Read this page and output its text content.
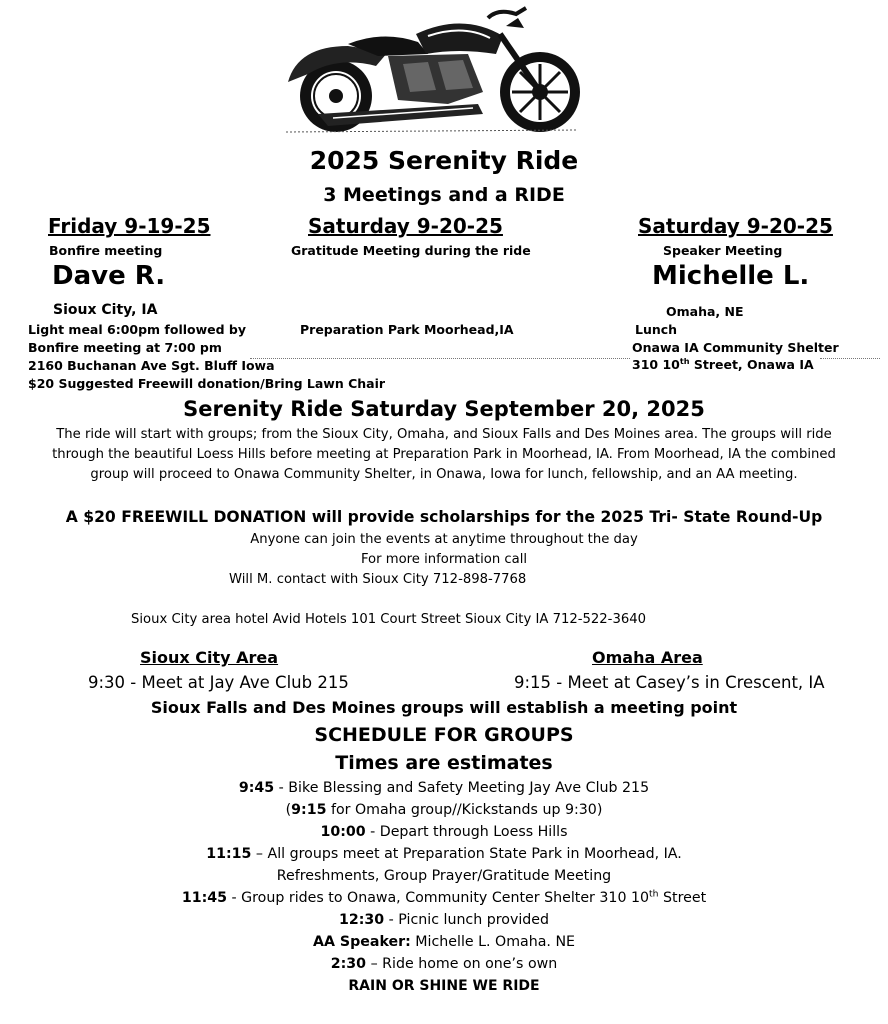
2025 Serenity Ride
3 Meetings and a RIDE
Friday 9-19-25
Bonfire meeting
Dave R.
Sioux City, IA
Light meal 6:00pm followed by
Bonfire meeting at 7:00 pm
2160 Buchanan Ave Sgt. Bluff Iowa
$20 Suggested Freewill donation/Bring Lawn Chair
Saturday 9-20-25
Gratitude Meeting during the ride
Preparation Park Moorhead,IA
Saturday 9-20-25
Speaker Meeting
Michelle L.
Omaha, NE
Lunch
Onawa IA Community Shelter
310 10th Street, Onawa IA
Serenity Ride Saturday September 20, 2025
The ride will start with groups; from the Sioux City, Omaha, and Sioux Falls and Des Moines area. The groups will ride
through the beautiful Loess Hills before meeting at Preparation Park in Moorhead, IA. From Moorhead, IA the combined
group will proceed to Onawa Community Shelter, in Onawa, Iowa for lunch, fellowship, and an AA meeting.
A $20 FREEWILL DONATION will provide scholarships for the 2025 Tri- State Round-Up
Anyone can join the events at anytime throughout the day
For more information call
Will M. contact with Sioux City 712-898-7768
Sioux City area hotel Avid Hotels 101 Court Street Sioux City IA 712-522-3640
Sioux City Area
9:30 - Meet at Jay Ave Club 215
Omaha Area
9:15 - Meet at Casey’s in Crescent, IA
Sioux Falls and Des Moines groups will establish a meeting point
SCHEDULE FOR GROUPS
Times are estimates
9:45 - Bike Blessing and Safety Meeting Jay Ave Club 215
(9:15 for Omaha group//Kickstands up 9:30)
10:00 - Depart through Loess Hills
11:15 – All groups meet at Preparation State Park in Moorhead, IA.
Refreshments, Group Prayer/Gratitude Meeting
11:45 - Group rides to Onawa, Community Center Shelter 310 10th Street
12:30 - Picnic lunch provided
AA Speaker: Michelle L. Omaha. NE
2:30 – Ride home on one’s own
RAIN OR SHINE WE RIDE
